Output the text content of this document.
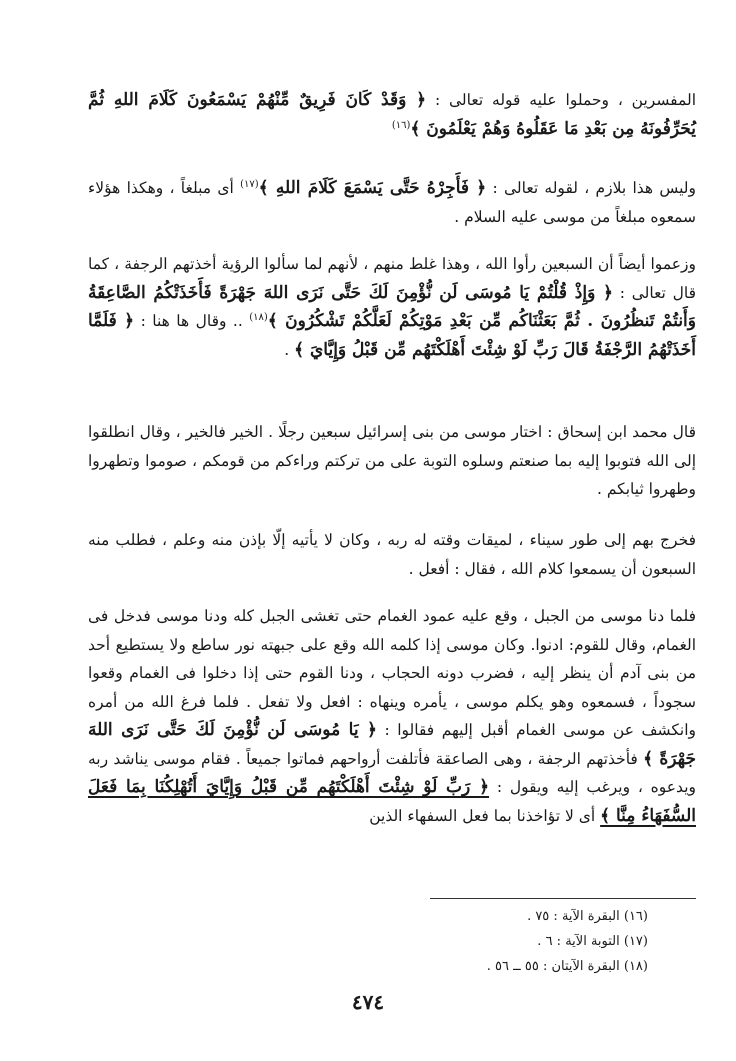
المفسرين ، وحملوا عليه قوله تعالى : ﴿ وَقَدْ كَانَ فَرِيقٌ مِّنْهُمْ يَسْمَعُونَ كَلَامَ اللهِ ثُمَّ يُحَرِّفُونَهُ مِن بَعْدِ مَا عَقَلُوهُ وَهُمْ يَعْلَمُونَ ﴾$^{(١٦)}$

وليس هذا بلازم ، لقوله تعالى : ﴿ فَأَجِرْهُ حَتَّى يَسْمَعَ كَلَامَ اللهِ ﴾$^{(١٧)}$ أى مبلغاً ، وهكذا هؤلاء سمعوه مبلغاً من موسى عليه السلام .

وزعموا أيضاً أن السبعين رأوا الله ، وهذا غلط منهم ، لأنهم لما سألوا الرؤية أخذتهم الرجفة ، كما قال تعالى : ﴿ وَإِذْ قُلْتُمْ يَا مُوسَى لَن نُّؤْمِنَ لَكَ حَتَّى نَرَى اللهَ جَهْرَةً فَأَخَذَتْكُمُ الصَّاعِقَةُ وَأَنتُمْ تَنظُرُونَ . ثُمَّ بَعَثْنَاكُم مِّن بَعْدِ مَوْتِكُمْ لَعَلَّكُمْ تَشْكُرُونَ ﴾$^{(١٨)}$ .. وقال ها هنا : ﴿ فَلَمَّا أَخَذَتْهُمُ الرَّجْفَةُ قَالَ رَبِّ لَوْ شِئْتَ أَهْلَكْتَهُم مِّن قَبْلُ وَإِيَّايَ ﴾ .

قال محمد ابن إسحاق : اختار موسى من بنى إسرائيل سبعين رجلًا . الخير فالخير ، وقال انطلقوا إلى الله فتوبوا إليه بما صنعتم وسلوه التوبة على من تركتم وراءكم من قومكم ، صوموا وتطهروا وطهروا ثيابكم .

فخرج بهم إلى طور سيناء ، لميقات وقته له ربه ، وكان لا يأتيه إلّا بإذن منه وعلم ، فطلب منه السبعون أن يسمعوا كلام الله ، فقال : أفعل .

فلما دنا موسى من الجبل ، وقع عليه عمود الغمام حتى تغشى الجبل كله ودنا موسى فدخل فى الغمام، وقال للقوم: ادنوا. وكان موسى إذا كلمه الله وقع على جبهته نور ساطع ولا يستطيع أحد من بنى آدم أن ينظر إليه ، فضرب دونه الحجاب ، ودنا القوم حتى إذا دخلوا فى الغمام وقعوا سجوداً ، فسمعوه وهو يكلم موسى ، يأمره وينهاه : افعل ولا تفعل . فلما فرغ الله من أمره وانكشف عن موسى الغمام أقبل إليهم فقالوا : ﴿ يَا مُوسَى لَن نُّؤْمِنَ لَكَ حَتَّى نَرَى اللهَ جَهْرَةً ﴾ فأخذتهم الرجفة ، وهى الصاعقة فأتلفت أرواحهم فماتوا جميعاً . فقام موسى يناشد ربه ويدعوه ، ويرغب إليه ويقول : ﴿ رَبِّ لَوْ شِئْتَ أَهْلَكْتَهُم مِّن قَبْلُ وَإِيَّايَ أَتُهْلِكُنَا بِمَا فَعَلَ السُّفَهَاءُ مِنَّا ﴾ أى لا تؤاخذنا بما فعل السفهاء الذين

(١٦) البقرة الآية : ٧٥ .
(١٧) التوبة الآية : ٦ .
(١٨) البقرة الآيتان : ٥٥ ــ ٥٦ .
٤٧٤
